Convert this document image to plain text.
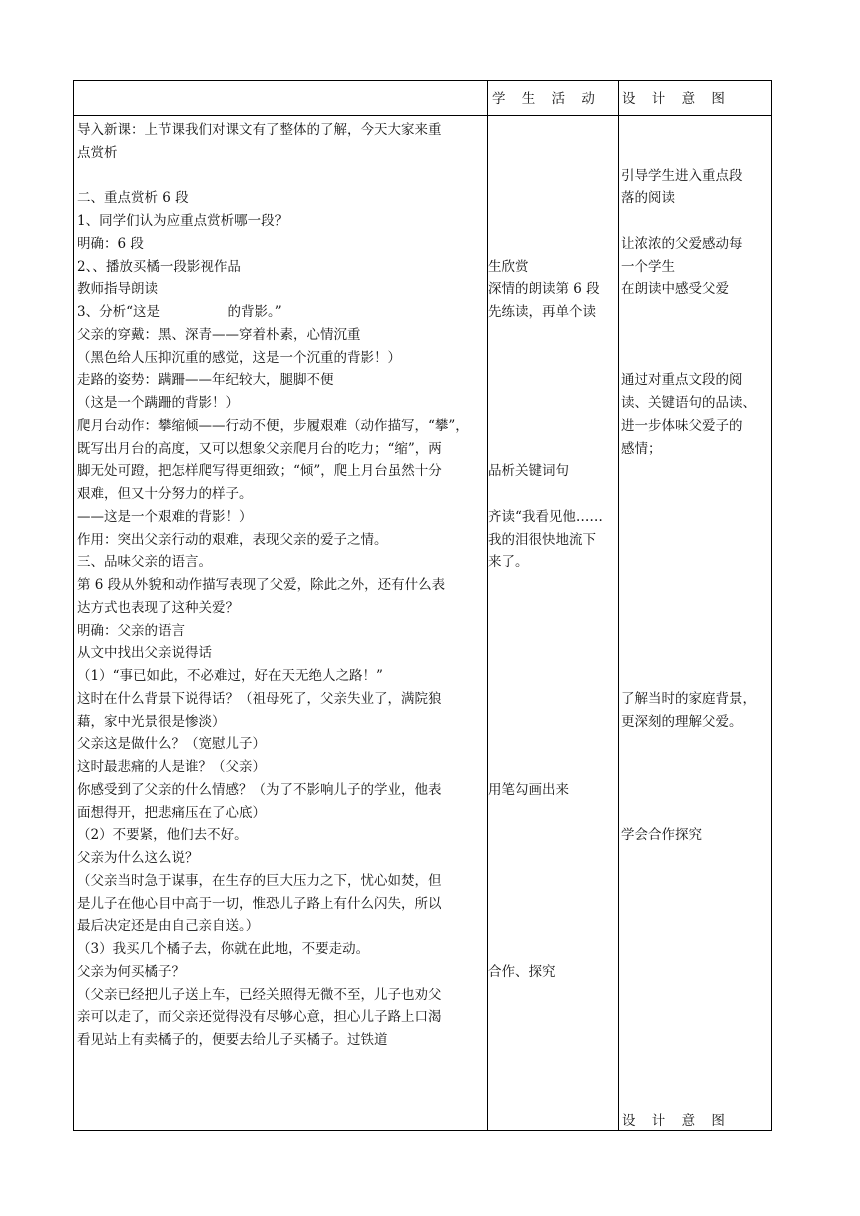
学 生 活 动 设 计 意 图
导入新课：上节课我们对课文有了整体的了解，今天大家来重
点赏析
二、重点赏析 6 段
1、同学们认为应重点赏析哪一段？
明确：6 段
2、、播放买橘一段影视作品
教师指导朗读
3、分析“这是　　　　　的背影。”
父亲的穿戴：黑、深青——穿着朴素，心情沉重
（黑色给人压抑沉重的感觉，这是一个沉重的背影！）
走路的姿势：蹒跚——年纪较大，腿脚不便
（这是一个蹒跚的背影！）
爬月台动作：攀缩倾——行动不便，步履艰难（动作描写，“攀”，
既写出月台的高度，又可以想象父亲爬月台的吃力；“缩”，两
脚无处可蹬，把怎样爬写得更细致；“倾”，爬上月台虽然十分
艰难，但又十分努力的样子。
——这是一个艰难的背影！）
作用：突出父亲行动的艰难，表现父亲的爱子之情。
三、品味父亲的语言。
第 6 段从外貌和动作描写表现了父爱，除此之外，还有什么表
达方式也表现了这种关爱？
明确：父亲的语言
从文中找出父亲说得话
（1）“事已如此，不必难过，好在天无绝人之路！”
这时在什么背景下说得话？（祖母死了，父亲失业了，满院狼
藉，家中光景很是惨淡）
父亲这是做什么？（宽慰儿子）
这时最悲痛的人是谁？（父亲）
你感受到了父亲的什么情感？（为了不影响儿子的学业，他表
面想得开，把悲痛压在了心底）
（2）不要紧，他们去不好。
父亲为什么这么说？
（父亲当时急于谋事，在生存的巨大压力之下，忧心如焚，但
是儿子在他心目中高于一切，惟恐儿子路上有什么闪失，所以
最后决定还是由自己亲自送。）
（3）我买几个橘子去，你就在此地，不要走动。
父亲为何买橘子？
（父亲已经把儿子送上车，已经关照得无微不至，儿子也劝父
亲可以走了，而父亲还觉得没有尽够心意，担心儿子路上口渴
看见站上有卖橘子的，便要去给儿子买橘子。过铁道
生欣赏
深情的朗读第 6 段
先练读，再单个读
品析关键词句
齐读“我看见他……
我的泪很快地流下
来了。
用笔勾画出来
合作、探究
引导学生进入重点段
落的阅读
让浓浓的父爱感动每
一个学生
在朗读中感受父爱
通过对重点文段的阅
读、关键语句的品读、
进一步体味父爱子的
感情；
了解当时的家庭背景，
更深刻的理解父爱。
学会合作探究
设 计 意 图
